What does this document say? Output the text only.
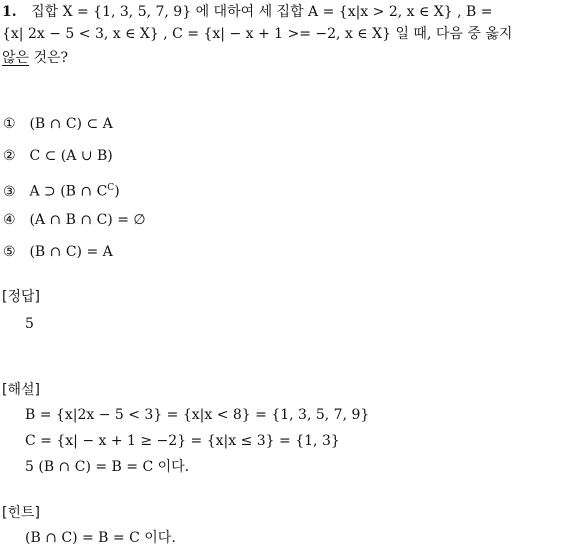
1. 집합 X = {1, 3, 5, 7, 9} 에 대하여 세 집합 A = {x|x > 2, x ∈ X} , B =
{x| 2x − 5 < 3, x ∈ X} , C = {x| − x + 1 >= −2, x ∈ X} 일 때, 다음 중 옳지
않은 것은?
① (B ∩ C) ⊂ A
② C ⊂ (A ∪ B)
③ A ⊃ (B ∩ $C^C$)
④ (A ∩ B ∩ C) = ∅
⑤ (B ∩ C) = A
[정답]
5
[해설]
B = {x|2x − 5 < 3} = {x|x < 8} = {1, 3, 5, 7, 9}
C = {x| − x + 1 ≥ −2} = {x|x ≤ 3} = {1, 3}
5 (B ∩ C) = B = C 이다.
[힌트]
(B ∩ C) = B = C 이다.
